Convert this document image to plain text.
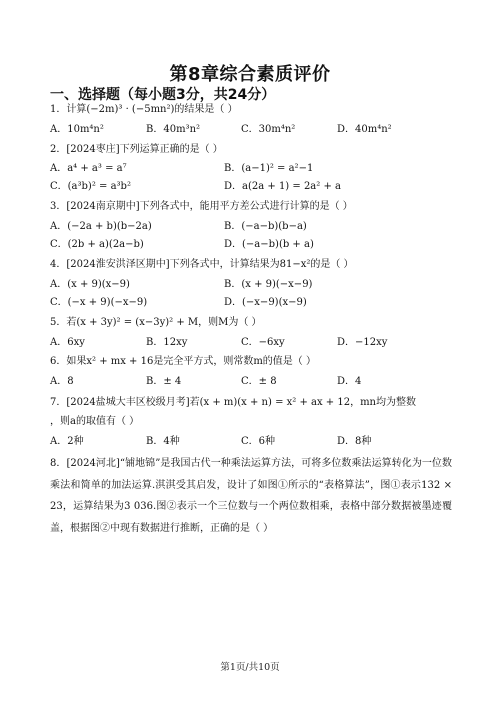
第8章综合素质评价
一、选择题（每小题3分，共24分）
1．计算(−2m)³ · (−5mn²)的结果是（ ）
A．10m⁴n²	B．40m³n²	C．30m⁴n²	D．40m⁴n²
2．[2024枣庄]下列运算正确的是（ ）
A．a⁴ + a³ = a⁷	B．(a−1)² = a²−1
C．(a³b)² = a³b²	D．a(2a + 1) = 2a² + a
3．[2024南京期中]下列各式中，能用平方差公式进行计算的是（ ）
A．(−2a + b)(b−2a)	B．(−a−b)(b−a)
C．(2b + a)(2a−b)	D．(−a−b)(b + a)
4．[2024淮安洪泽区期中]下列各式中，计算结果为81−x²的是（ ）
A．(x + 9)(x−9)	B．(x + 9)(−x−9)
C．(−x + 9)(−x−9)	D．(−x−9)(x−9)
5．若(x + 3y)² = (x−3y)² + M，则M为（ ）
A．6xy	B．12xy	C．−6xy	D．−12xy
6．如果x² + mx + 16是完全平方式，则常数m的值是（ ）
A．8	B．± 4	C．± 8	D．4
7．[2024盐城大丰区校级月考]若(x + m)(x + n) = x² + ax + 12，mn均为整数
，则a的取值有（ ）
A．2种	B．4种	C．6种	D．8种
8．[2024河北]“铺地锦”是我国古代一种乘法运算方法，可将多位数乘法运算转化为一位数乘法和简单的加法运算.淇淇受其启发，设计了如图①所示的“表格算法”，图①表示132 × 23，运算结果为3 036.图②表示一个三位数与一个两位数相乘，表格中部分数据被墨迹覆盖，根据图②中现有数据进行推断，正确的是（ ）
第1页/共10页
